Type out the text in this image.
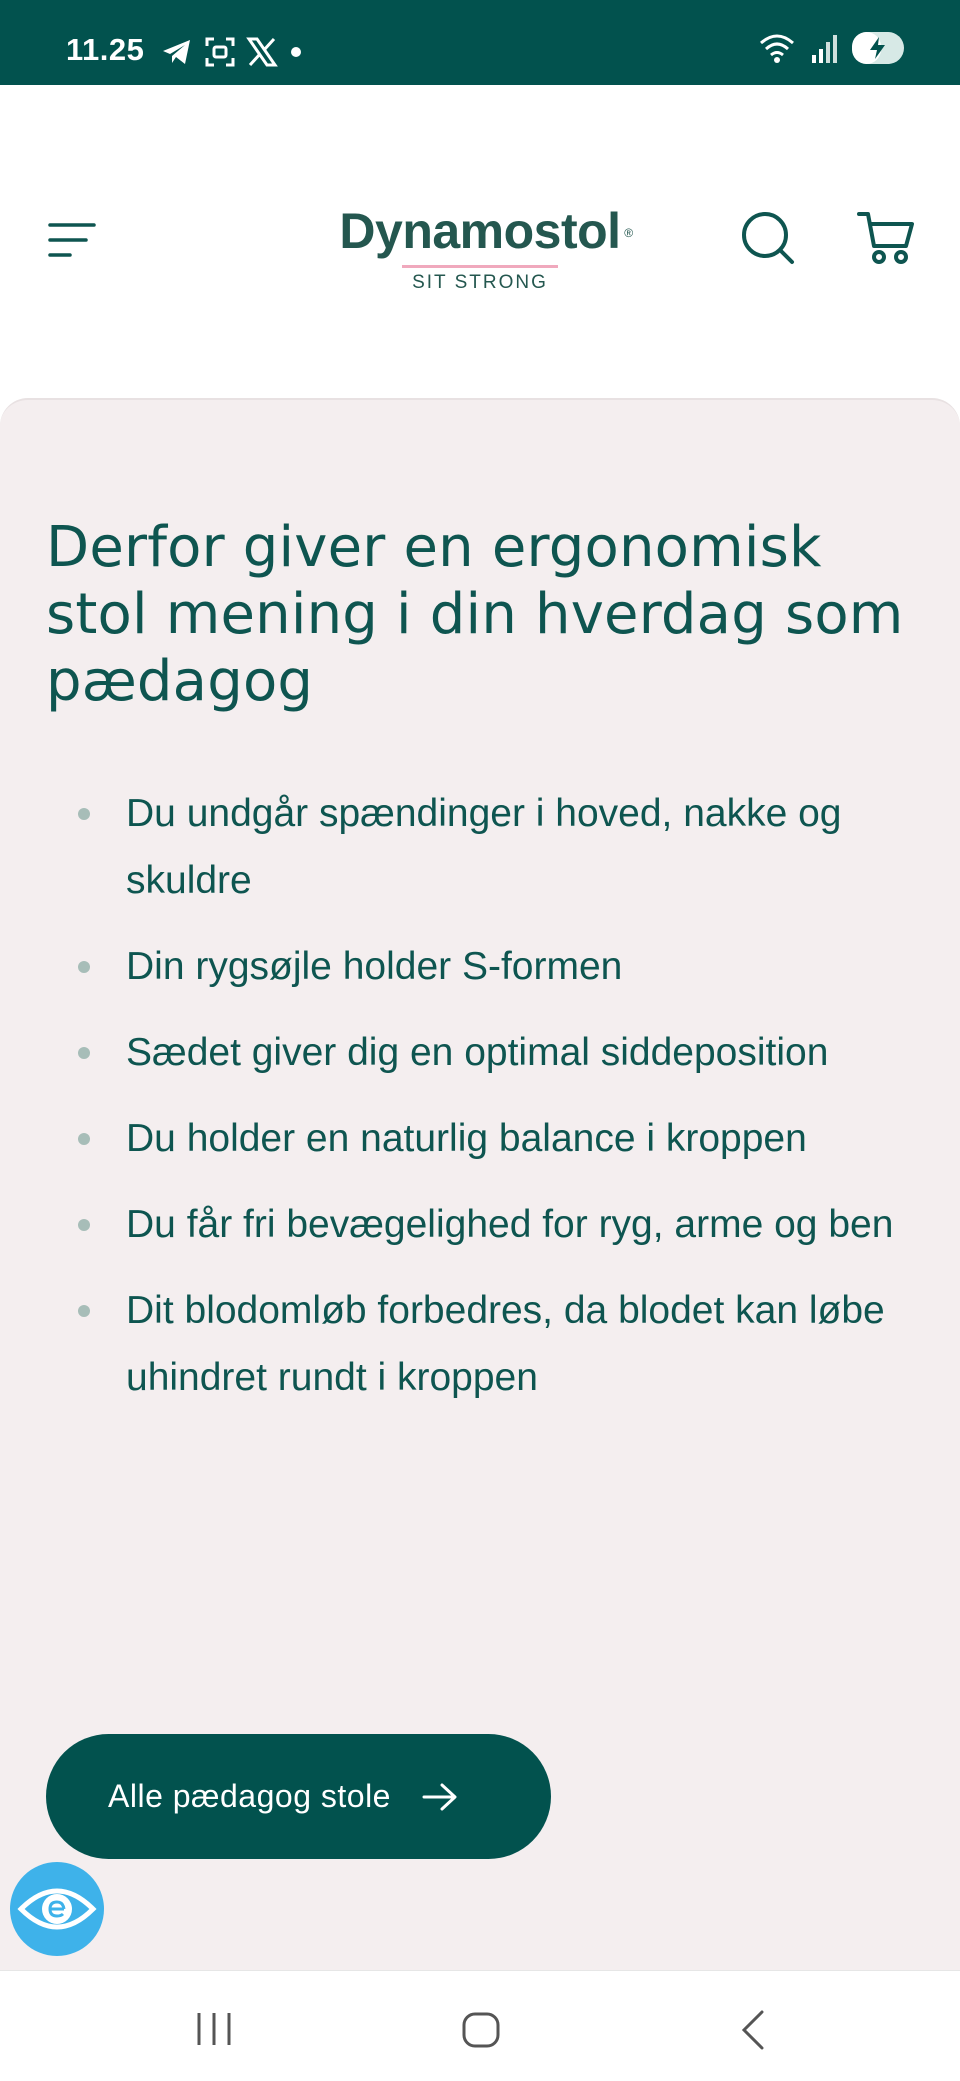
11.25
Dynamostol ®
SIT STRONG
Derfor giver en ergonomisk stol mening i din hverdag som pædagog
Du undgår spændinger i hoved, nakke og skuldre
Din rygsøjle holder S-formen
Sædet giver dig en optimal siddeposition
Du holder en naturlig balance i kroppen
Du får fri bevægelighed for ryg, arme og ben
Dit blodomløb forbedres, da blodet kan løbe uhindret rundt i kroppen
Alle pædagog stole
